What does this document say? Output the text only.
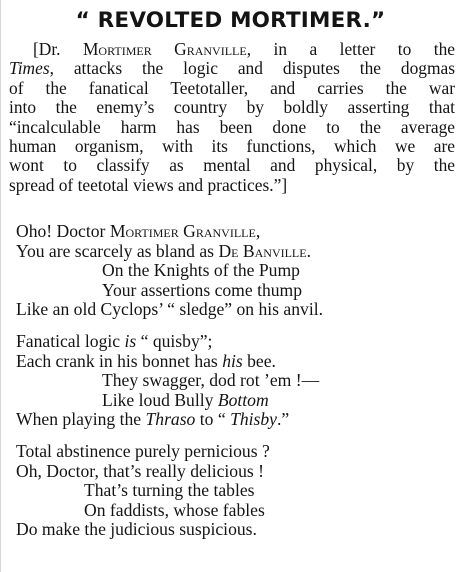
“ REVOLTED MORTIMER.”
[Dr. Mortimer Granville, in a letter to the
Times, attacks the logic and disputes the dogmas
of the fanatical Teetotaller, and carries the war
into the enemy’s country by boldly asserting that
“incalculable harm has been done to the average
human organism, with its functions, which we are
wont to classify as mental and physical, by the
spread of teetotal views and practices.”]
Oho! Doctor Mortimer Granville,
You are scarcely as bland as De Banville.
On the Knights of the Pump
Your assertions come thump
Like an old Cyclops’ “ sledge” on his anvil.
Fanatical logic is “ quisby”;
Each crank in his bonnet has his bee.
They swagger, dod rot ’em !—
Like loud Bully Bottom
When playing the Thraso to “ Thisby.”
Total abstinence purely pernicious ?
Oh, Doctor, that’s really delicious !
That’s turning the tables
On faddists, whose fables
Do make the judicious suspicious.
